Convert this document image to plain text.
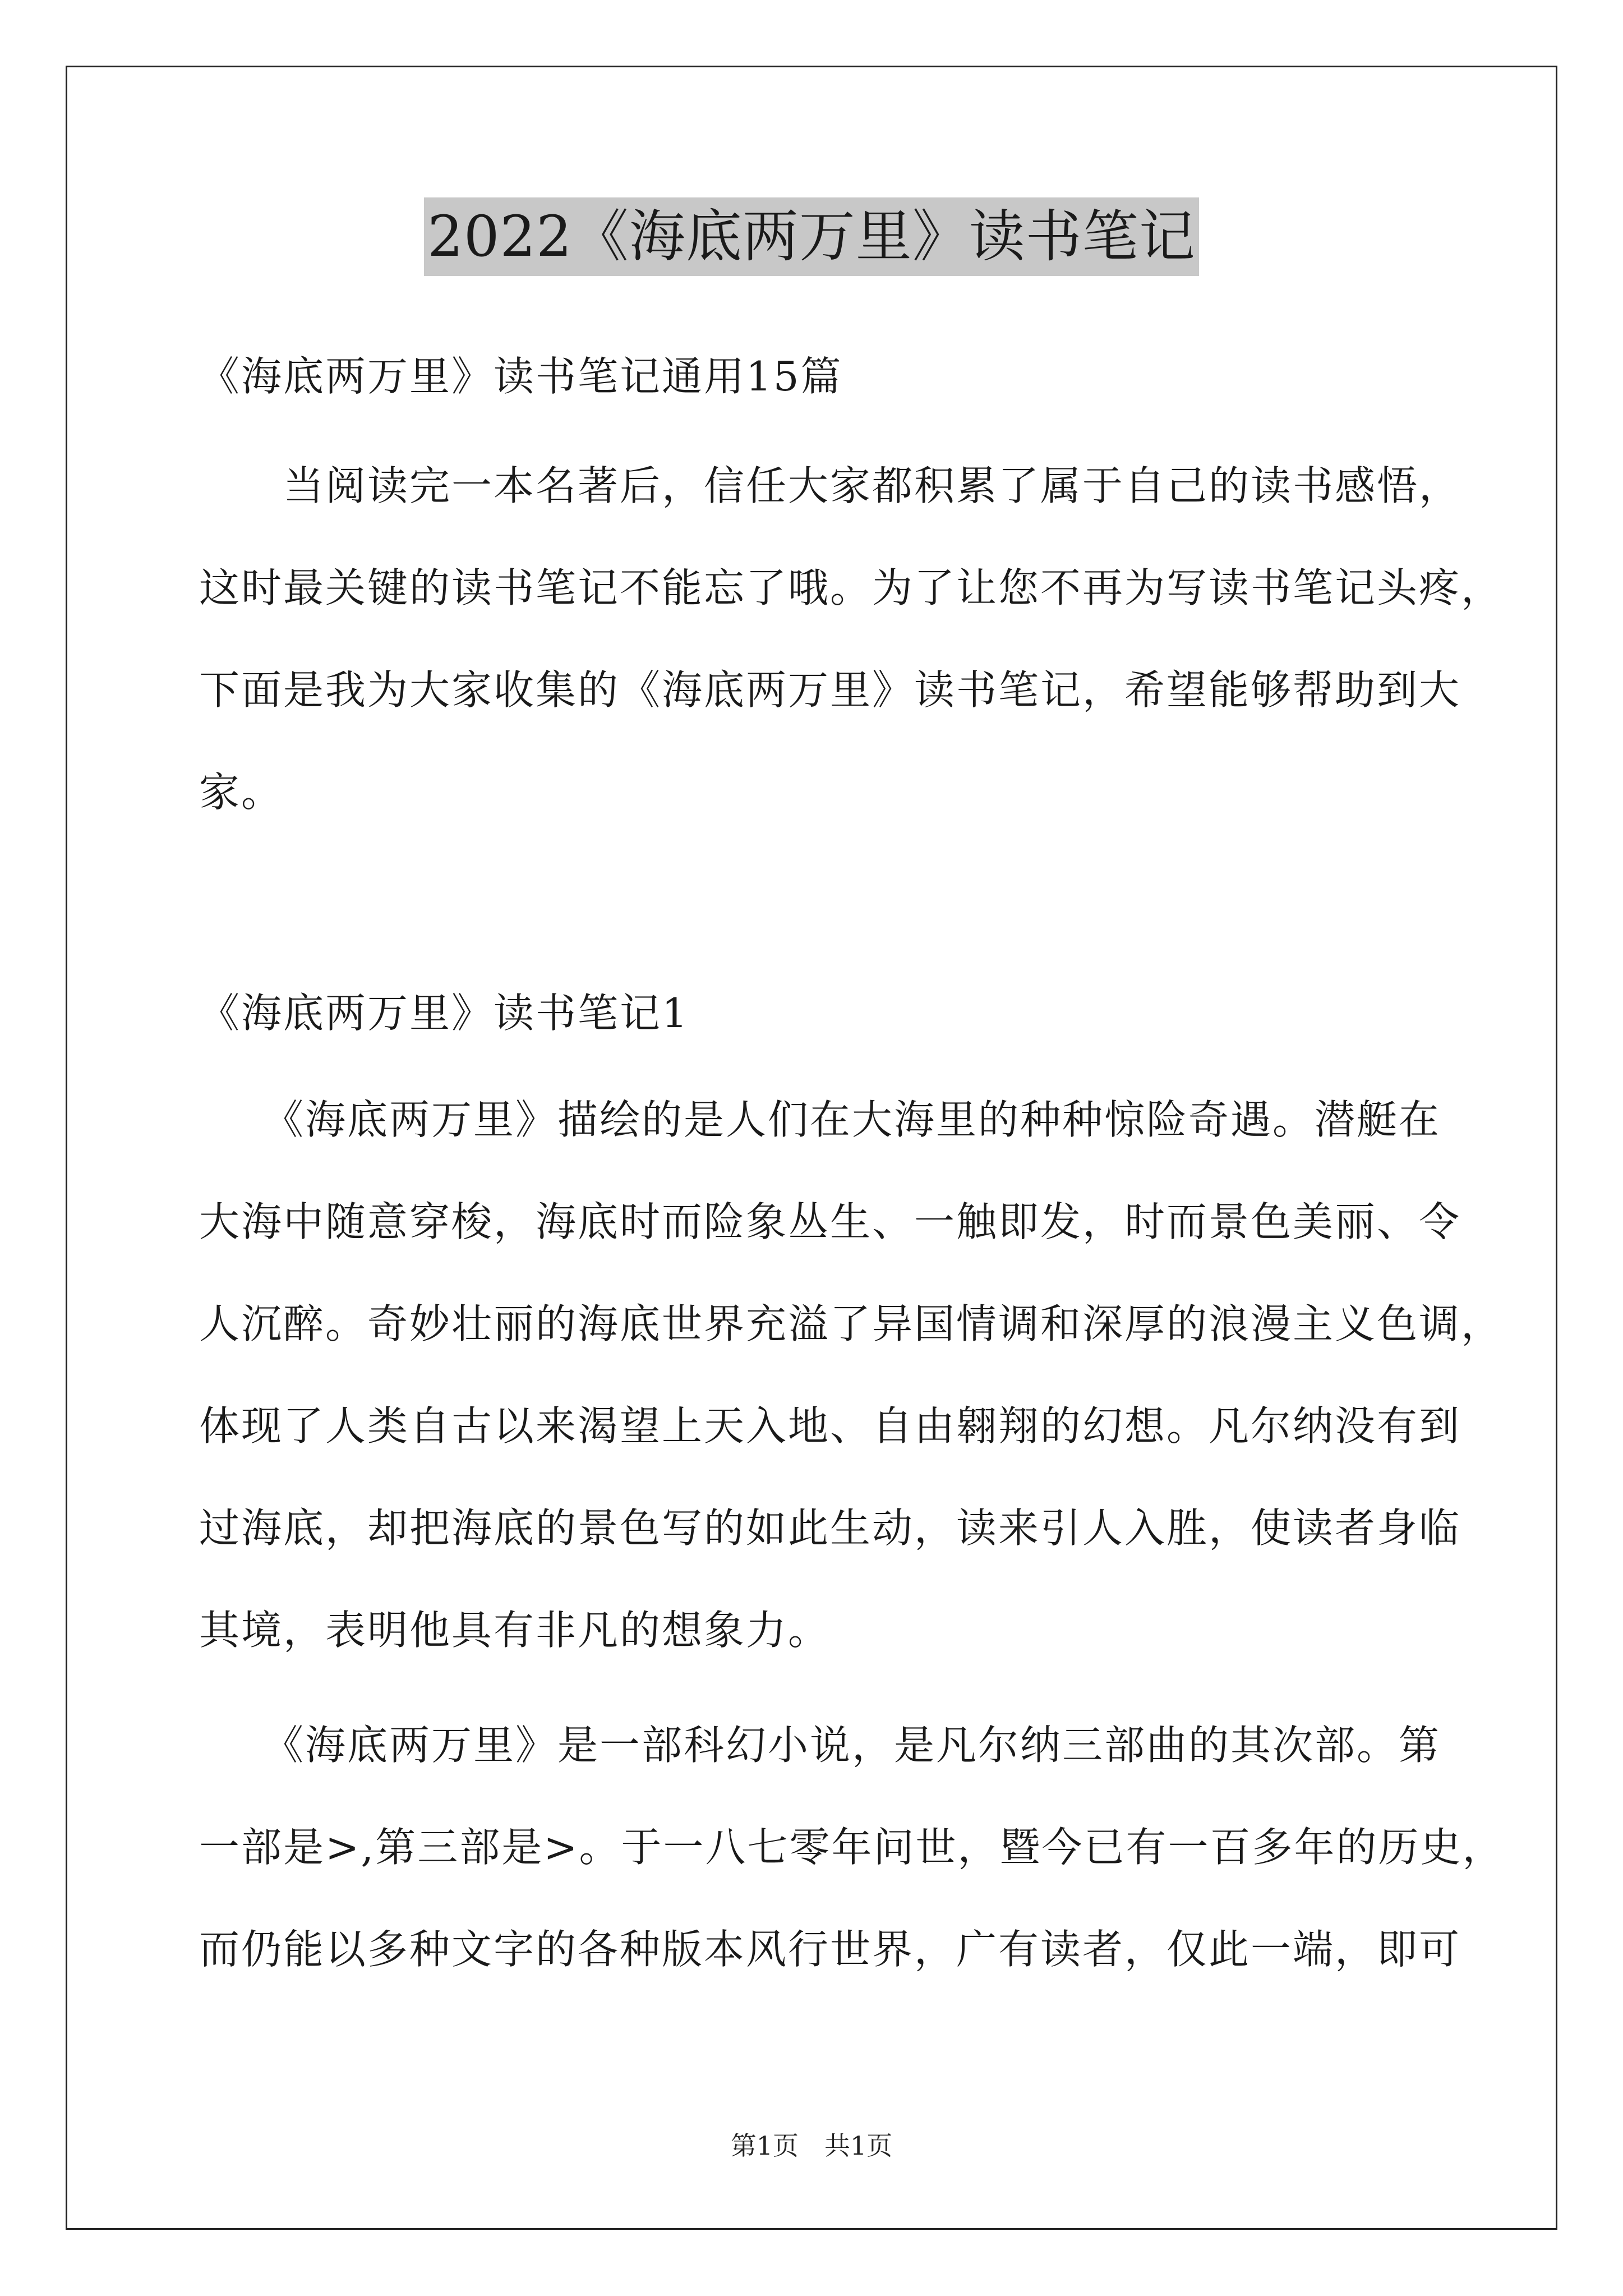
2022《海底两万里》读书笔记
《海底两万里》读书笔记通用15篇
　　当阅读完一本名著后，信任大家都积累了属于自己的读书感悟，
这时最关键的读书笔记不能忘了哦。为了让您不再为写读书笔记头疼，
下面是我为大家收集的《海底两万里》读书笔记，希望能够帮助到大
家。
《海底两万里》读书笔记1
　　《海底两万里》描绘的是人们在大海里的种种惊险奇遇。潜艇在
大海中随意穿梭，海底时而险象丛生、一触即发，时而景色美丽、令
人沉醉。奇妙壮丽的海底世界充溢了异国情调和深厚的浪漫主义色调，
体现了人类自古以来渴望上天入地、自由翱翔的幻想。凡尔纳没有到
过海底，却把海底的景色写的如此生动，读来引人入胜，使读者身临
其境，表明他具有非凡的想象力。
　　《海底两万里》是一部科幻小说，是凡尔纳三部曲的其次部。第
一部是>,第三部是>。于一八七零年问世，暨今已有一百多年的历史，
而仍能以多种文字的各种版本风行世界，广有读者，仅此一端，即可
第1页　共1页
